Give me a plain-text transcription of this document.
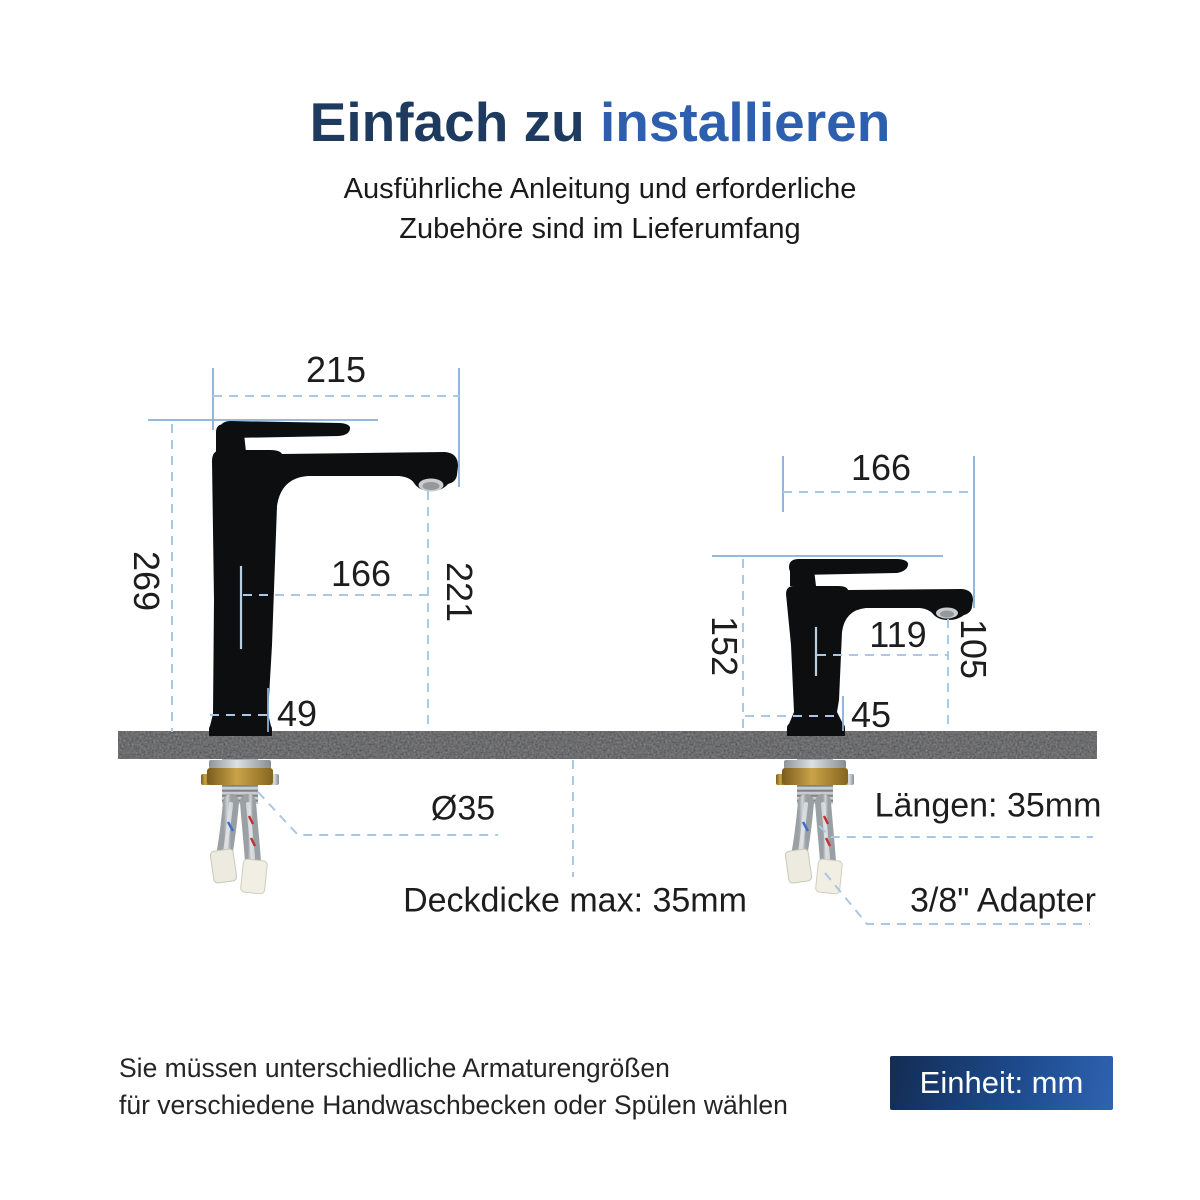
Einfach zu installieren
Ausführliche Anleitung und erforderliche
Zubehöre sind im Lieferumfang
215
269	166 221
49
166
152	119 105
45
Ø35
Deckdicke max: 35mm
Längen: 35mm
3/8" Adapter
Sie müssen unterschiedliche Armaturengrößen
für verschiedene Handwaschbecken oder Spülen wählen
Einheit: mm
